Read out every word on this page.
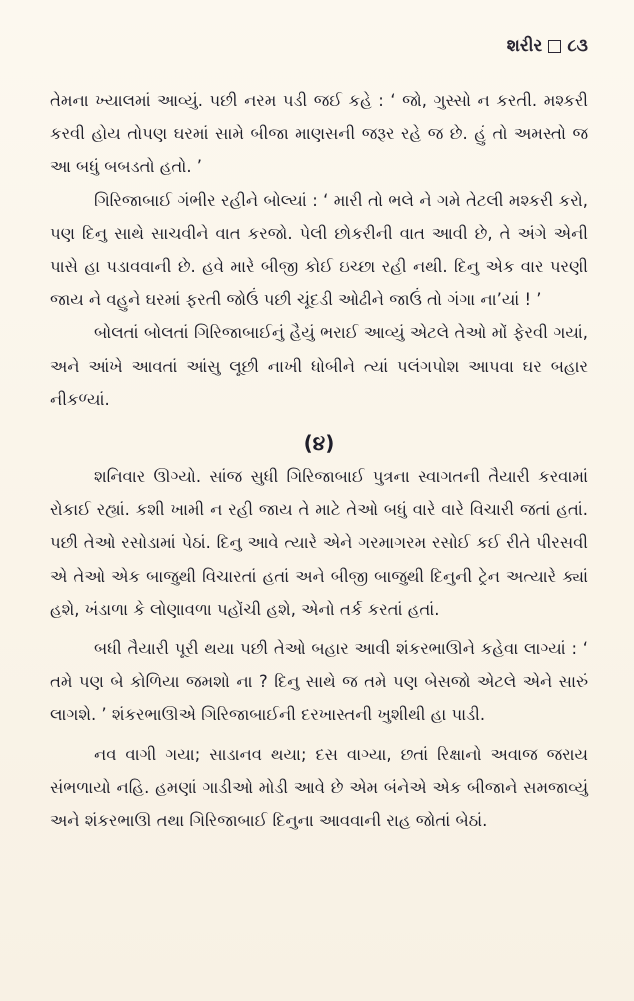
શરીર ૮૩

તેમના ખ્યાલમાં આવ્યું. પછી નરમ પડી જઈ કહે : ‘ જો, ગુસ્સો ન કરતી. મશ્કરી કરવી હોય તોપણ ઘરમાં સામે બીજા માણસની જરૂર રહે જ છે. હું તો અમસ્તો જ આ બધું બબડતો હતો. ’

ગિરિજાબાઈ ગંભીર રહીને બોલ્યાં : ‘ મારી તો ભલે ને ગમે તેટલી મશ્કરી કરો, પણ દિનુ સાથે સાચવીને વાત કરજો. પેલી છોકરીની વાત આવી છે, તે અંગે એની પાસે હા પડાવવાની છે. હવે મારે બીજી કોઈ ઇચ્છા રહી નથી. દિનુ એક વાર પરણી જાય ને વહુને ઘરમાં ફરતી જોઉં પછી ચૂંદડી ઓઢીને જાઉં તો ગંગા ના’યાં ! ’

બોલતાં બોલતાં ગિરિજાબાઈનું હૈયું ભરાઈ આવ્યું એટલે તેઓ મોં ફેરવી ગયાં, અને આંખે આવતાં આંસુ લૂછી નાખી ધોબીને ત્યાં પલંગપોશ આપવા ઘર બહાર નીકળ્યાં.

(૪)

શનિવાર ઊગ્યો. સાંજ સુધી ગિરિજાબાઈ પુત્રના સ્વાગતની તૈયારી કરવામાં રોકાઈ રહ્યાં. કશી ખામી ન રહી જાય તે માટે તેઓ બધું વારે વારે વિચારી જતાં હતાં. પછી તેઓ રસોડામાં પેઠાં. દિનુ આવે ત્યારે એને ગરમાગરમ રસોઈ કઈ રીતે પીરસવી એ તેઓ એક બાજુથી વિચારતાં હતાં અને બીજી બાજુથી દિનુની ટ્રેન અત્યારે ક્યાં હશે, ખંડાળા કે લોણાવળા પહોંચી હશે, એનો તર્ક કરતાં હતાં.

બધી તૈયારી પૂરી થયા પછી તેઓ બહાર આવી શંકરભાઊને કહેવા લાગ્યાં : ‘ તમે પણ બે કોળિયા જમશો ના ? દિનુ સાથે જ તમે પણ બેસજો એટલે એને સારું લાગશે. ’ શંકરભાઊએ ગિરિજાબાઈની દરખાસ્તની ખુશીથી હા પાડી.

નવ વાગી ગયા; સાડાનવ થયા; દસ વાગ્યા, છતાં રિક્ષાનો અવાજ જરાય સંભળાયો નહિ. હમણાં ગાડીઓ મોડી આવે છે એમ બંનેએ એક બીજાને સમજાવ્યું અને શંકરભાઊ તથા ગિરિજાબાઈ દિનુના આવવાની રાહ જોતાં બેઠાં.
